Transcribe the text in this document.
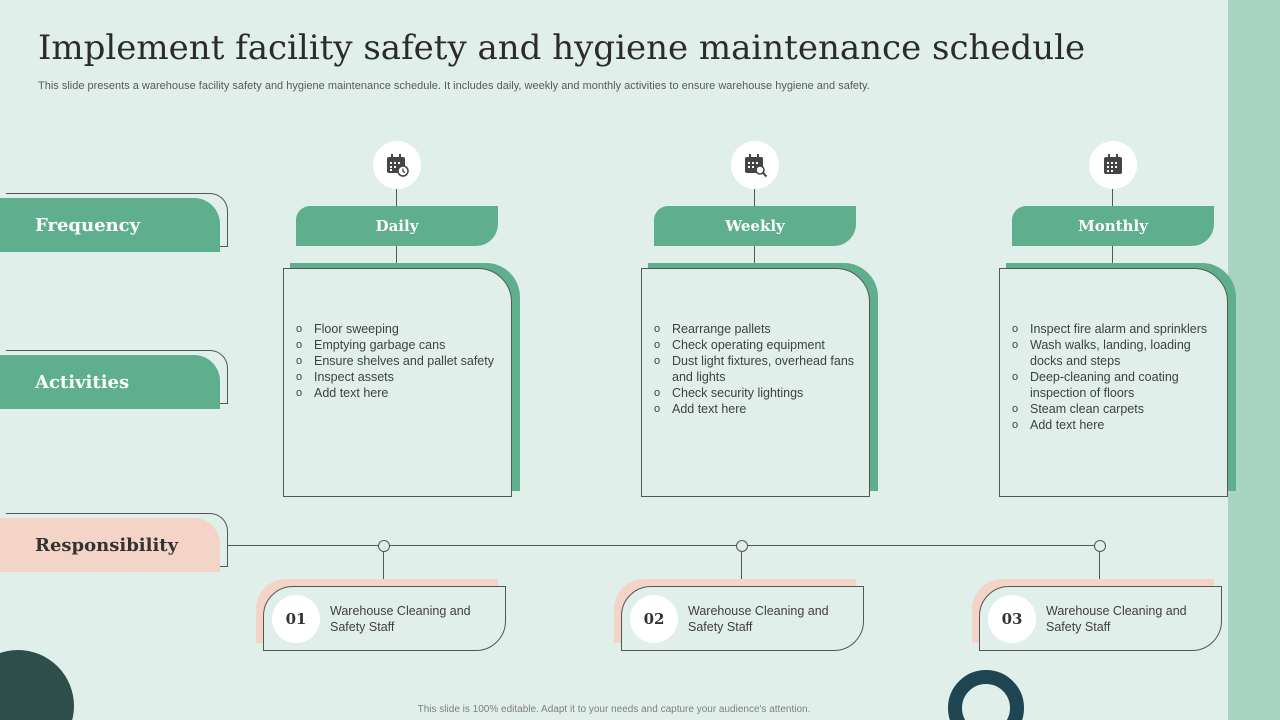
Implement facility safety and hygiene maintenance schedule
This slide presents a warehouse facility safety and hygiene maintenance schedule. It includes daily, weekly and monthly activities to ensure warehouse hygiene and safety.
Frequency
Activities
Responsibility
Daily
o Floor sweeping
o Emptying garbage cans
o Ensure shelves and pallet safety
o Inspect assets
o Add text here
01	Warehouse Cleaning and Safety Staff
Weekly
o Rearrange pallets
o Check operating equipment
o Dust light fixtures, overhead fans and lights
o Check security lightings
o Add text here
02	Warehouse Cleaning and Safety Staff
Monthly
o Inspect fire alarm and sprinklers
o Wash walks, landing, loading docks and steps
o Deep-cleaning and coating inspection of floors
o Steam clean carpets
o Add text here
03	Warehouse Cleaning and Safety Staff
This slide is 100% editable. Adapt it to your needs and capture your audience's attention.
